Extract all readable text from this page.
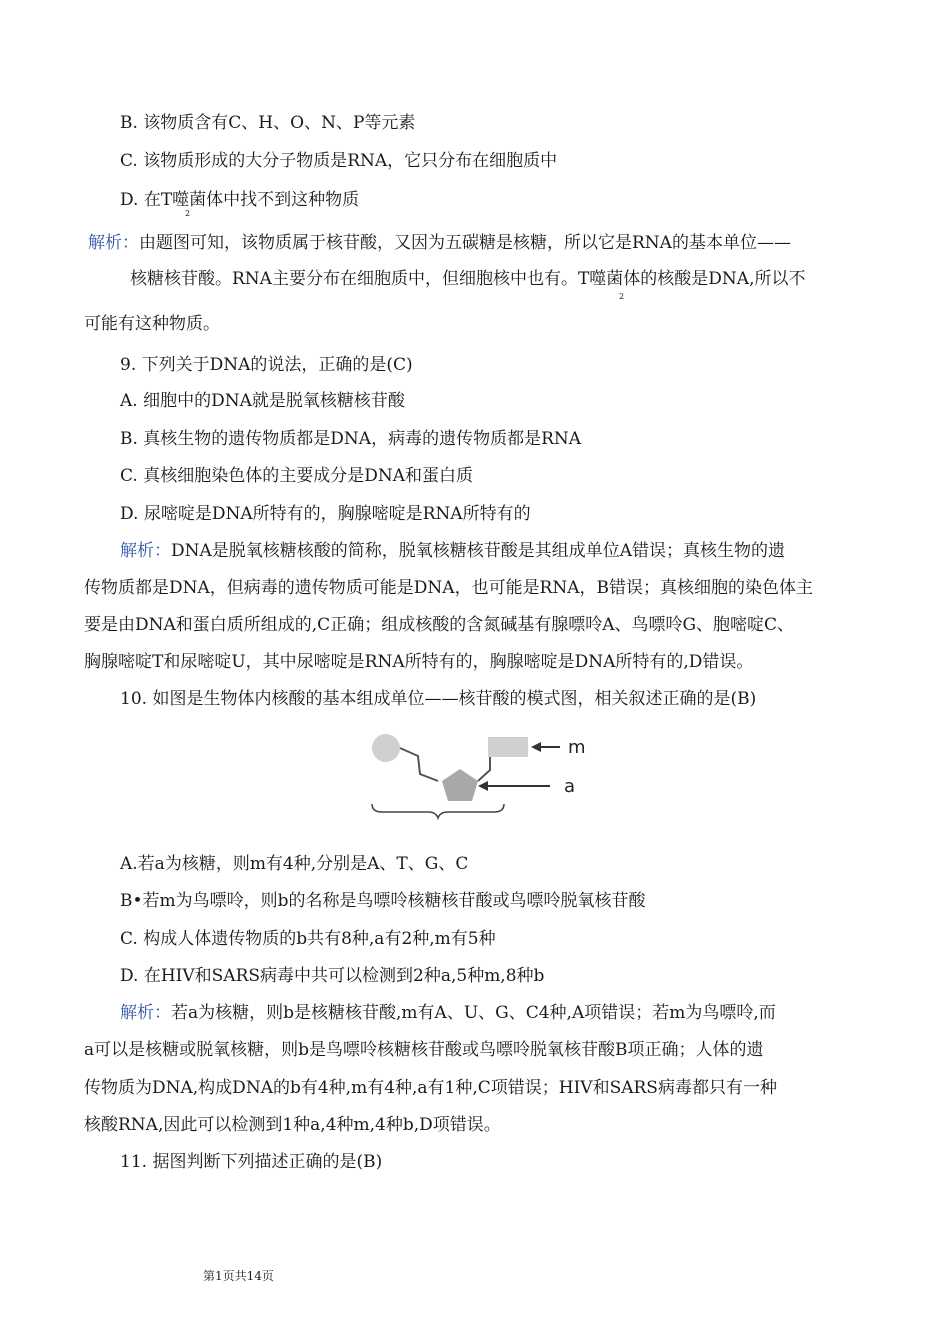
B. 该物质含有C、H、O、N、P等元素
C. 该物质形成的大分子物质是RNA，它只分布在细胞质中
D. 在T噬菌体中找不到这种物质
2
解析：由题图可知，该物质属于核苷酸，又因为五碳糖是核糖，所以它是RNA的基本单位——
核糖核苷酸。RNA主要分布在细胞质中，但细胞核中也有。T噬菌体的核酸是DNA,所以不
2
可能有这种物质。
9. 下列关于DNA的说法，正确的是(C)
A. 细胞中的DNA就是脱氧核糖核苷酸
B. 真核生物的遗传物质都是DNA，病毒的遗传物质都是RNA
C. 真核细胞染色体的主要成分是DNA和蛋白质
D. 尿嘧啶是DNA所特有的，胸腺嘧啶是RNA所特有的
解析：DNA是脱氧核糖核酸的简称，脱氧核糖核苷酸是其组成单位A错误；真核生物的遗
传物质都是DNA，但病毒的遗传物质可能是DNA，也可能是RNA，B错误；真核细胞的染色体主
要是由DNA和蛋白质所组成的,C正确；组成核酸的含氮碱基有腺嘌呤A、鸟嘌呤G、胞嘧啶C、
胸腺嘧啶T和尿嘧啶U，其中尿嘧啶是RNA所特有的，胸腺嘧啶是DNA所特有的,D错误。
10. 如图是生物体内核酸的基本组成单位——核苷酸的模式图，相关叙述正确的是(B)
m
a
A.若a为核糖，则m有4种,分别是A、T、G、C
B•若m为鸟嘌呤，则b的名称是鸟嘌呤核糖核苷酸或鸟嘌呤脱氧核苷酸
C. 构成人体遗传物质的b共有8种,a有2种,m有5种
D. 在HIV和SARS病毒中共可以检测到2种a,5种m,8种b
解析：若a为核糖，则b是核糖核苷酸,m有A、U、G、C4种,A项错误；若m为鸟嘌呤,而
a可以是核糖或脱氧核糖，则b是鸟嘌呤核糖核苷酸或鸟嘌呤脱氧核苷酸B项正确；人体的遗
传物质为DNA,构成DNA的b有4种,m有4种,a有1种,C项错误；HIV和SARS病毒都只有一种
核酸RNA,因此可以检测到1种a,4种m,4种b,D项错误。
11. 据图判断下列描述正确的是(B)
第1页共14页
